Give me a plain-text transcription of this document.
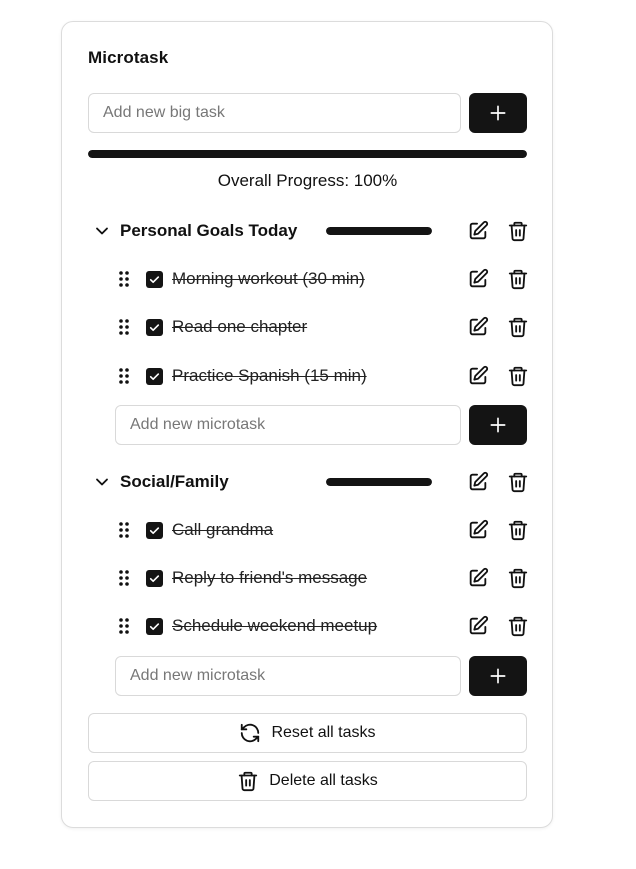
Microtask
Add new big task
Overall Progress: 100%
Personal Goals Today
Morning workout (30 min)
Read one chapter
Practice Spanish (15 min)
Add new microtask
Social/Family
Call grandma
Reply to friend's message
Schedule weekend meetup
Add new microtask
Reset all tasks
Delete all tasks
